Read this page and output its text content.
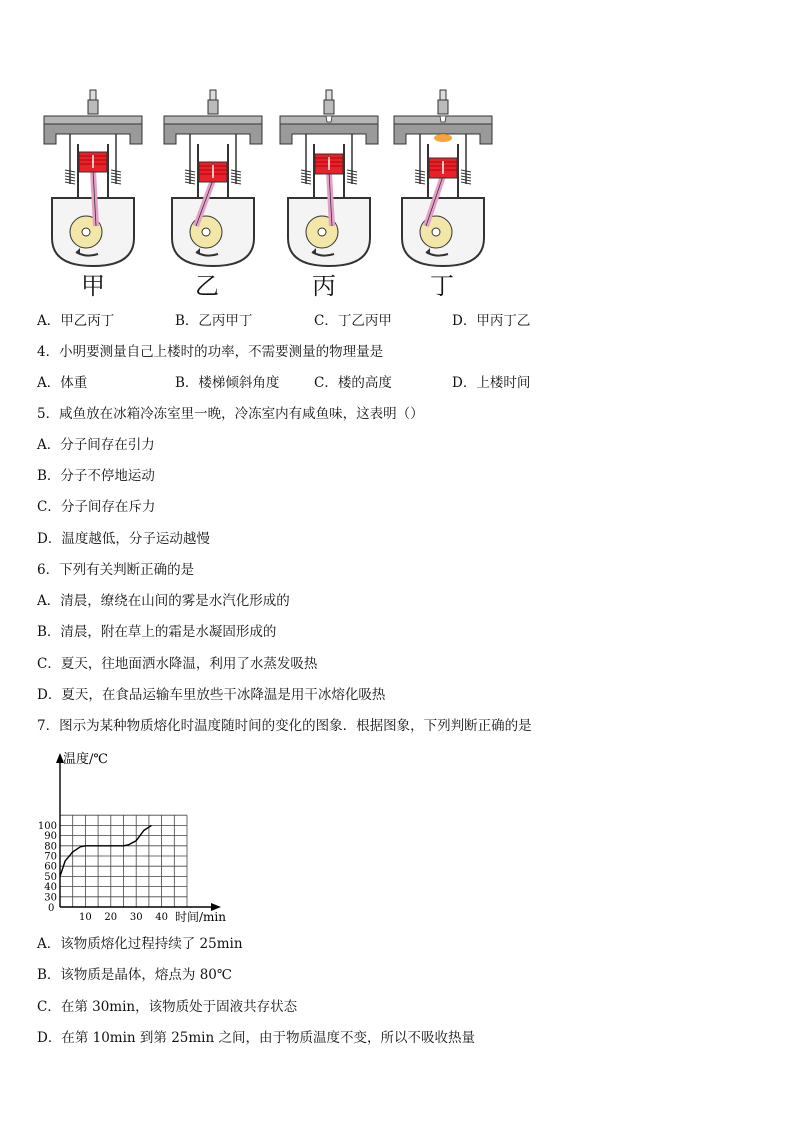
甲	乙	丙	丁
A．甲乙丙丁	B．乙丙甲丁	C．丁乙丙甲	D．甲丙丁乙
4．小明要测量自己上楼时的功率，不需要测量的物理量是
A．体重	B．楼梯倾斜角度	C．楼的高度	D．上楼时间
5．咸鱼放在冰箱冷冻室里一晚，冷冻室内有咸鱼味，这表明（）
A．分子间存在引力
B．分子不停地运动
C．分子间存在斥力
D．温度越低，分子运动越慢
6．下列有关判断正确的是
A．清晨，缭绕在山间的雾是水汽化形成的
B．清晨，附在草上的霜是水凝固形成的
C．夏天，往地面洒水降温，利用了水蒸发吸热
D．夏天，在食品运输车里放些干冰降温是用干冰熔化吸热
7．图示为某种物质熔化时温度随时间的变化的图象．根据图象，下列判断正确的是
温度/℃
时间/min
0
30
40
50
60
70
80
90
100
10 20 30 40
A．该物质熔化过程持续了 25min
B．该物质是晶体，熔点为 80℃
C．在第 30min，该物质处于固液共存状态
D．在第 10min 到第 25min 之间，由于物质温度不变，所以不吸收热量
